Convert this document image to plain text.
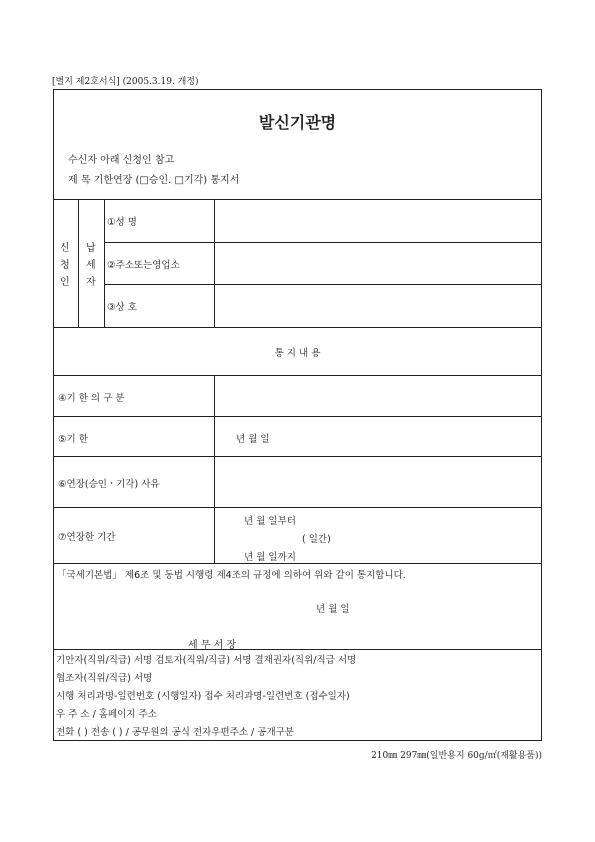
[별지 제2호서식] (2005.3.19. 개정)
발신기관명
수신자 아래 신청인 참고
제 목 기한연장 (□승인. □기각) 통지서
신
청
인
납
세
자
①성 명
②주소또는영업소
③상 호
통 지 내 용
④기 한 의 구 분
⑤기 한	년 월 일
⑥연장(승인ㆍ기각) 사유
⑦연장한 기간
년 월 일부터
( 일간)
년 월 일까지
「국세기본법」 제6조 및 동법 시행령 제4조의 규정에 의하여 위와 같이 통지합니다.
년 월 일
세 무 서 장
기안자(직위/직급) 서명 검토자(직위/직급) 서명 결재권자(직위/직급 서명
협조자(직위/직급) 서명
시행 처리과명-일련번호 (시행일자) 접수 처리과명-일련번호 (접수일자)
우 주 소 / 홈페이지 주소
전화 ( ) 전송 ( ) / 공무원의 공식 전자우편주소 / 공개구분
210㎜ 297㎜(일반용지 60g/㎡(재활용품))
